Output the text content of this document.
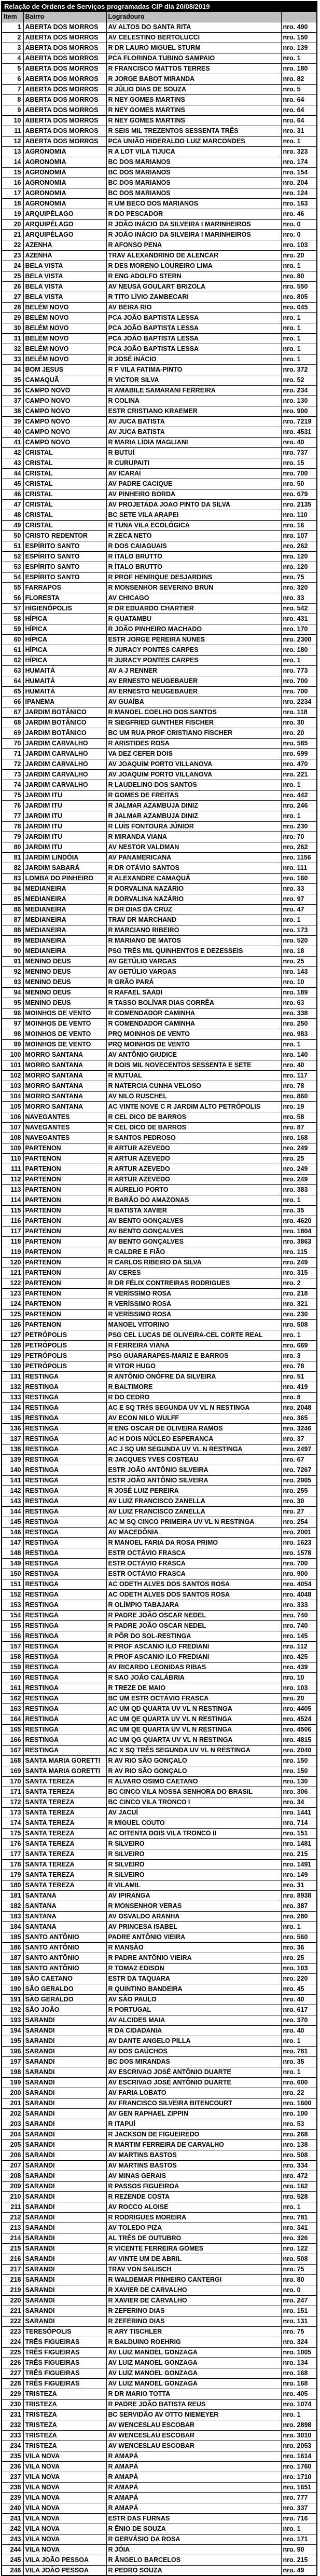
Relação de Ordens de Serviços programadas CIP dia 20/08/2019			
Item	Bairro	Logradouro	
1	ABERTA DOS MORROS	AV ALTOS DO SANTA RITA	nro. 490
2	ABERTA DOS MORROS	AV CELESTINO BERTOLUCCI	nro. 150
3	ABERTA DOS MORROS	R DR LAURO MIGUEL STURM	nro. 139
4	ABERTA DOS MORROS	PCA FLORINDA TUBINO SAMPAIO	nro. 1
5	ABERTA DOS MORROS	R FRANCISCO MATTOS TERRES	nro. 180
6	ABERTA DOS MORROS	R JORGE BABOT MIRANDA	nro. 82
7	ABERTA DOS MORROS	R JÚLIO DIAS DE SOUZA	nro. 5
8	ABERTA DOS MORROS	R NEY GOMES MARTINS	nro. 64
9	ABERTA DOS MORROS	R NEY GOMES MARTINS	nro. 64
10	ABERTA DOS MORROS	R NEY GOMES MARTINS	nro. 64
11	ABERTA DOS MORROS	R SEIS MIL TREZENTOS SESSENTA TRÊS	nro. 31
12	ABERTA DOS MORROS	PCA UNIÃO HIDERALDO LUIZ MARCONDES	nro. 1
13	AGRONOMIA	R A LOT VILA TIJUCA	nro. 323
14	AGRONOMIA	BC DOS MARIANOS	nro. 174
15	AGRONOMIA	BC DOS MARIANOS	nro. 154
16	AGRONOMIA	BC DOS MARIANOS	nro. 204
17	AGRONOMIA	BC DOS MARIANOS	nro. 124
18	AGRONOMIA	R UM BECO DOS MARIANOS	nro. 163
19	ARQUIPÉLAGO	R DO PESCADOR	nro. 46
20	ARQUIPÉLAGO	R JOÃO INÁCIO DA SILVEIRA I MARINHEIROS	nro. 0
21	ARQUIPÉLAGO	R JOÃO INÁCIO DA SILVEIRA I MARINHEIROS	nro. 0
22	AZENHA	R AFONSO PENA	nro. 103
23	AZENHA	TRAV ALEXANDRINO DE ALENCAR	nro. 20
24	BELA VISTA	R DES MORENO LOUREIRO LIMA	nro. 1
25	BELA VISTA	R ENG ADOLFO STERN	nro. 80
26	BELA VISTA	AV NEUSA GOULART BRIZOLA	nro. 550
27	BELA VISTA	R TITO LÍVIO ZAMBECARI	nro. 805
28	BELÉM NOVO	AV BEIRA RIO	nro. 645
29	BELÉM NOVO	PCA JOÃO BAPTISTA LESSA	nro. 1
30	BELÉM NOVO	PCA JOÃO BAPTISTA LESSA	nro. 1
31	BELÉM NOVO	PCA JOÃO BAPTISTA LESSA	nro. 1
32	BELÉM NOVO	PCA JOÃO BAPTISTA LESSA	nro. 1
33	BELÉM NOVO	R JOSÉ INÁCIO	nro. 1
34	BOM JESUS	R F VILA FATIMA-PINTO	nro. 372
35	CAMAQUÃ	R VICTOR SILVA	nro. 52
36	CAMPO NOVO	R AMABILE SAMARANI FERREIRA	nro. 234
37	CAMPO NOVO	R COLINA	nro. 130
38	CAMPO NOVO	ESTR CRISTIANO KRAEMER	nro. 900
39	CAMPO NOVO	AV JUCA BATISTA	nro. 7219
40	CAMPO NOVO	AV JUCA BATISTA	nro. 4531
41	CAMPO NOVO	R MARIA LÍDIA MAGLIANI	nro. 40
42	CRISTAL	R BUTUÍ	nro. 737
43	CRISTAL	R CURUPAITI	nro. 15
44	CRISTAL	AV ICARAÍ	nro. 700
45	CRISTAL	AV PADRE CACIQUE	nro. 50
46	CRISTAL	AV PINHEIRO BORDA	nro. 679
47	CRISTAL	AV PROJETADA JOAO PINTO DA SILVA	nro. 2135
48	CRISTAL	BC SETE VILA ARAPEI	nro. 110
49	CRISTAL	R TUNA VILA ECOLÓGICA	nro. 16
50	CRISTO REDENTOR	R ZECA NETO	nro. 107
51	ESPÍRITO SANTO	R DOS CAIAGUAIS	nro. 262
52	ESPÍRITO SANTO	R ÍTALO BRUTTO	nro. 120
53	ESPÍRITO SANTO	R ÍTALO BRUTTO	nro. 120
54	ESPÍRITO SANTO	R PROF HENRIQUE DESJARDINS	nro. 75
55	FARRAPOS	R MONSENHOR SEVERINO BRUN	nro. 320
56	FLORESTA	AV CHICAGO	nro. 33
57	HIGIENÓPOLIS	R DR EDUARDO CHARTIER	nro. 542
58	HÍPICA	R GUATAMBU	nro. 431
59	HÍPICA	R JOÃO PINHEIRO MACHADO	nro. 170
60	HÍPICA	ESTR JORGE PEREIRA NUNES	nro. 2300
61	HÍPICA	R JURACY PONTES CARPES	nro. 180
62	HÍPICA	R JURACY PONTES CARPES	nro. 1
63	HUMAITÁ	AV A J RENNER	nro. 773
64	HUMAITÁ	AV ERNESTO NEUGEBAUER	nro. 700
65	HUMAITÁ	AV ERNESTO NEUGEBAUER	nro. 700
66	IPANEMA	AV GUAÍBA	nro. 2234
67	JARDIM BOTÂNICO	R MANOEL COELHO DOS SANTOS	nro. 118
68	JARDIM BOTÂNICO	R SIEGFRIED GUNTHER FISCHER	nro. 30
69	JARDIM BOTÂNICO	BC UM RUA PROF CRISTIANO FISCHER	nro. 20
70	JARDIM CARVALHO	R ARISTIDES ROSA	nro. 585
71	JARDIM CARVALHO	VA DEZ CEFER DOIS	nro. 699
72	JARDIM CARVALHO	AV JOAQUIM PORTO VILLANOVA	nro. 470
73	JARDIM CARVALHO	AV JOAQUIM PORTO VILLANOVA	nro. 221
74	JARDIM CARVALHO	R LAUDELINO DOS SANTOS	nro. 1
75	JARDIM ITU	R GOMES DE FREITAS	nro. 442
76	JARDIM ITU	R JALMAR AZAMBUJA DINIZ	nro. 246
77	JARDIM ITU	R JALMAR AZAMBUJA DINIZ	nro. 1
78	JARDIM ITU	R LUÍS FONTOURA JÚNIOR	nro. 230
79	JARDIM ITU	R MIRANDA VIANA	nro. 70
80	JARDIM ITU	AV NESTOR VALDMAN	nro. 262
81	JARDIM LINDÓIA	AV PANAMERICANA	nro. 1156
82	JARDIM SABARÁ	R DR OTÁVIO SANTOS	nro. 111
83	LOMBA DO PINHEIRO	R ALEXANDRE CAMAQUÃ	nro. 160
84	MEDIANEIRA	R DORVALINA NAZÁRIO	nro. 33
85	MEDIANEIRA	R DORVALINA NAZÁRIO	nro. 97
86	MEDIANEIRA	R DR DIAS DA CRUZ	nro. 47
87	MEDIANEIRA	TRAV DR MARCHAND	nro. 1
88	MEDIANEIRA	R MARCIANO RIBEIRO	nro. 173
89	MEDIANEIRA	R MARIANO DE MATOS	nro. 520
90	MEDIANEIRA	PSG TRÊS MIL QUINHENTOS E DEZESSEIS	nro. 18
91	MENINO DEUS	AV GETÚLIO VARGAS	nro. 25
92	MENINO DEUS	AV GETÚLIO VARGAS	nro. 143
93	MENINO DEUS	R GRÃO PARÁ	nro. 10
94	MENINO DEUS	R RAFAEL SAADI	nro. 189
95	MENINO DEUS	R TASSO BOLÍVAR DIAS CORRÊA	nro. 63
96	MOINHOS DE VENTO	R COMENDADOR CAMINHA	nro. 338
97	MOINHOS DE VENTO	R COMENDADOR CAMINHA	nro. 250
98	MOINHOS DE VENTO	PRQ MOINHOS DE VENTO	nro. 983
99	MOINHOS DE VENTO	PRQ MOINHOS DE VENTO	nro. 1
100	MORRO SANTANA	AV ANTÔNIO GIUDICE	nro. 140
101	MORRO SANTANA	R DOIS MIL NOVECENTOS SESSENTA E SETE	nro. 40
102	MORRO SANTANA	R MUTUAL	nro. 117
103	MORRO SANTANA	R NATERCIA CUNHA VELOSO	nro. 78
104	MORRO SANTANA	AV NILO RUSCHEL	nro. 860
105	MORRO SANTANA	AC VINTE NOVE C R JARDIM ALTO PETRÓPOLIS	nro. 19
106	NAVEGANTES	R CEL DICO DE BARROS	nro. 58
107	NAVEGANTES	R CEL DICO DE BARROS	nro. 87
108	NAVEGANTES	R SANTOS PEDROSO	nro. 168
109	PARTENON	R ARTUR AZEVEDO	nro. 249
110	PARTENON	R ARTUR AZEVEDO	nro. 25
111	PARTENON	R ARTUR AZEVEDO	nro. 249
112	PARTENON	R ARTUR AZEVEDO	nro. 249
113	PARTENON	R AURELIO PORTO	nro. 383
114	PARTENON	R BARÃO DO AMAZONAS	nro. 1
115	PARTENON	R BATISTA XAVIER	nro. 35
116	PARTENON	AV BENTO GONÇALVES	nro. 4620
117	PARTENON	AV BENTO GONÇALVES	nro. 1804
118	PARTENON	AV BENTO GONÇALVES	nro. 3863
119	PARTENON	R CALDRE E FIÃO	nro. 115
120	PARTENON	R CARLOS RIBEIRO DA SILVA	nro. 249
121	PARTENON	AV CERES	nro. 315
122	PARTENON	R DR FÉLIX CONTREIRAS RODRIGUES	nro. 2
123	PARTENON	R VERÍSSIMO ROSA	nro. 218
124	PARTENON	R VERÍSSIMO ROSA	nro. 321
125	PARTENON	R VERÍSSIMO ROSA	nro. 230
126	PARTENON	MANOEL VITORINO	nro. 508
127	PETRÓPOLIS	PSG CEL LUCAS DE OLIVEIRA-CEL CORTE REAL	nro. 1
128	PETRÓPOLIS	R FERREIRA VIANA	nro. 669
129	PETRÓPOLIS	PSG GUARARAPES-MARIZ E BARROS	nro. 3
130	PETRÓPOLIS	R VITOR HUGO	nro. 78
131	RESTINGA	R ANTÔNIO ONÓFRE DA SILVEIRA	nro. 51
132	RESTINGA	R BALTIMORE	nro. 419
133	RESTINGA	R DO CEDRO	nro. 8
134	RESTINGA	AC E SQ TRêS SEGUNDA UV VL N RESTINGA	nro. 2048
135	RESTINGA	AV ECON NILO WULFF	nro. 365
136	RESTINGA	R ENG OSCAR DE OLIVEIRA RAMOS	nro. 3246
137	RESTINGA	AC H DOIS NÚCLEO ESPERANCA	nro. 37
138	RESTINGA	AC J SQ UM SEGUNDA UV VL N RESTINGA	nro. 2497
139	RESTINGA	R JACQUES YVES COSTEAU	nro. 67
140	RESTINGA	ESTR JOÃO ANTÔNIO SILVEIRA	nro. 7267
141	RESTINGA	ESTR JOÃO ANTÔNIO SILVEIRA	nro. 2905
142	RESTINGA	R JOSÉ LUIZ PEREIRA	nro. 255
143	RESTINGA	AV LUIZ FRANCISCO ZANELLA	nro. 30
144	RESTINGA	AV LUIZ FRANCISCO ZANELLA	nro. 27
145	RESTINGA	AC M SQ CINCO PRIMEIRA UV VL N RESTINGA	nro. 254
146	RESTINGA	AV MACEDÔNIA	nro. 2001
147	RESTINGA	R MANOEL FARIA DA ROSA PRIMO	nro. 1623
148	RESTINGA	ESTR OCTÁVIO FRASCA	nro. 1578
149	RESTINGA	ESTR OCTÁVIO FRASCA	nro. 700
150	RESTINGA	ESTR OCTÁVIO FRASCA	nro. 900
151	RESTINGA	AC ODETH ALVES DOS SANTOS ROSA	nro. 4054
152	RESTINGA	AC ODETH ALVES DOS SANTOS ROSA	nro. 4048
153	RESTINGA	R OLÍMPIO TABAJARA	nro. 333
154	RESTINGA	R PADRE JOÃO OSCAR NEDEL	nro. 740
155	RESTINGA	R PADRE JOÃO OSCAR NEDEL	nro. 740
156	RESTINGA	R PÔR DO SOL-RESTINGA	nro. 145
157	RESTINGA	R PROF ASCANIO ILO FREDIANI	nro. 112
158	RESTINGA	R PROF ASCANIO ILO FREDIANI	nro. 425
159	RESTINGA	AV RICARDO LEONIDAS RIBAS	nro. 439
160	RESTINGA	R SAO JOÃO CALÁBRIA	nro. 10
161	RESTINGA	R TREZE DE MAIO	nro. 103
162	RESTINGA	BC UM ESTR OCTÁVIO FRASCA	nro. 20
163	RESTINGA	AC UM QD QUARTA UV VL N RESTINGA	nro. 4405
164	RESTINGA	AC UM QE QUARTA UV VL N RESTINGA	nro. 4524
165	RESTINGA	AC UM QE QUARTA UV VL N RESTINGA	nro. 4506
166	RESTINGA	AC UM QG QUARTA UV VL N RESTINGA	nro. 4815
167	RESTINGA	AC X SQ TRÊS SEGUNDA UV VL N RESTINGA	nro. 2040
168	SANTA MARIA GORETTI	R AV RIO SÃO GONÇALO	nro. 150
169	SANTA MARIA GORETTI	R AV RIO SÃO GONÇALO	nro. 150
170	SANTA TEREZA	R ÁLVARO OSIMO CAETANO	nro. 130
171	SANTA TEREZA	BC CINCO VILA NOSSA SENHORA DO BRASIL	nro. 306
172	SANTA TEREZA	BC CINCO VILA TRONCO I	nro. 34
173	SANTA TEREZA	AV JACUÍ	nro. 1441
174	SANTA TEREZA	R MIGUEL COUTO	nro. 714
175	SANTA TEREZA	AC OITENTA DOIS VILA TRONCO II	nro. 151
176	SANTA TEREZA	R SILVEIRO	nro. 1481
177	SANTA TEREZA	R SILVEIRO	nro. 215
178	SANTA TEREZA	R SILVEIRO	nro. 1491
179	SANTA TEREZA	R SILVEIRO	nro. 149
180	SANTA TEREZA	R VILAMIL	nro. 31
181	SANTANA	AV IPIRANGA	nro. 8938
182	SANTANA	R MONSENHOR VERAS	nro. 387
183	SANTANA	AV OSVALDO ARANHA	nro. 280
184	SANTANA	AV PRINCESA ISABEL	nro. 1
185	SANTO ANTÔNIO	PADRE ANTÔNIO VIEIRA	nro. 560
186	SANTO ANTÔNIO	R MANSÃO	nro. 36
187	SANTO ANTÔNIO	R PADRE ANTÔNIO VIEIRA	nro. 25
188	SANTO ANTÔNIO	R TOMAZ EDISON	nro. 103
189	SÃO CAETANO	ESTR DA TAQUARA	nro. 220
190	SÃO GERALDO	R QUINTINO BANDEIRA	nro. 45
191	SÃO GERALDO	AV SÃO PAULO	nro. 40
192	SÃO JOÃO	R PORTUGAL	nro. 617
193	SARANDI	AV ALCIDES MAIA	nro. 370
194	SARANDI	R DA CIDADANIA	nro. 40
195	SARANDI	AV DANTE ANGELO PILLA	nro. 1
196	SARANDI	AV DOS GAÚCHOS	nro. 781
197	SARANDI	BC DOS MIRANDAS	nro. 35
198	SARANDI	AV ESCRIVAO JOSÉ ANTÔNIO DUARTE	nro. 1
199	SARANDI	AV ESCRIVAO JOSÉ ANTÔNIO DUARTE	nro. 600
200	SARANDI	AV FARIA LOBATO	nro. 22
201	SARANDI	AV FRANCISCO SILVEIRA BITENCOURT	nro. 1600
202	SARANDI	AV GEN RAPHAEL ZIPPIN	nro. 100
203	SARANDI	R ITAPUÍ	nro. 53
204	SARANDI	R JACKSON DE FIGUEIREDO	nro. 268
205	SARANDI	R MARTIM FERREIRA DE CARVALHO	nro. 138
206	SARANDI	AV MARTINS BASTOS	nro. 508
207	SARANDI	AV MARTINS BASTOS	nro. 334
208	SARANDI	AV MINAS GERAIS	nro. 472
209	SARANDI	R PASSOS FIGUEIROA	nro. 162
210	SARANDI	R REZENDE COSTA	nro. 528
211	SARANDI	AV ROCCO ALOISE	nro. 1
212	SARANDI	R RODRIGUES MOREIRA	nro. 781
213	SARANDI	AV TOLEDO PIZA	nro. 341
214	SARANDI	AL TRÊS DE OUTUBRO	nro. 326
215	SARANDI	R VICENTE FERREIRA GOMES	nro. 122
216	SARANDI	AV VINTE UM DE ABRIL	nro. 508
217	SARANDI	TRAV VON SALISCH	nro. 75
218	SARANDI	R WALDEMAR PINHEIRO CANTERGI	nro. 80
219	SARANDI	R XAVIER DE CARVALHO	nro. 0
220	SARANDI	R XAVIER DE CARVALHO	nro. 247
221	SARANDI	R ZEFERINO DIAS	nro. 151
222	SARANDI	R ZEFERINO DIAS	nro. 131
223	TERESÓPOLIS	R ARY TISCHLER	nro. 75
224	TRÊS FIGUEIRAS	R BALDUINO ROEHRIG	nro. 324
225	TRÊS FIGUEIRAS	AV LUIZ MANOEL GONZAGA	nro. 1005
226	TRÊS FIGUEIRAS	AV LUIZ MANOEL GONZAGA	nro. 134
227	TRÊS FIGUEIRAS	AV LUIZ MANOEL GONZAGA	nro. 168
228	TRÊS FIGUEIRAS	AV LUIZ MANOEL GONZAGA	nro. 168
229	TRISTEZA	R DR MARIO TOTTA	nro. 405
230	TRISTEZA	R PADRE JOÃO BATISTA REUS	nro. 1074
231	TRISTEZA	BC SERVIDÃO AV OTTO NIEMEYER	nro. 1
232	TRISTEZA	AV WENCESLAU ESCOBAR	nro. 2898
233	TRISTEZA	AV WENCESLAU ESCOBAR	nro. 3010
234	TRISTEZA	AV WENCESLAU ESCOBAR	nro. 2053
235	VILA NOVA	R AMAPÁ	nro. 1614
236	VILA NOVA	R AMAPÁ	nro. 1760
237	VILA NOVA	R AMAPÁ	nro. 1710
238	VILA NOVA	R AMAPÁ	nro. 1651
239	VILA NOVA	R AMAPÁ	nro. 777
240	VILA NOVA	R AMAPÁ	nro. 337
241	VILA NOVA	ESTR DAS FURNAS	nro. 716
242	VILA NOVA	R ÊNIO DE SOUZA	nro. 1
243	VILA NOVA	R GERVÁSIO DA ROSA	nro. 171
244	VILA NOVA	R JÓIA	nro. 90
245	VILA JOÃO PESSOA	R ÂNGELO BARCELOS	nro. 215
246	VILA JOÃO PESSOA	R PEDRO SOUZA	nro. 49
